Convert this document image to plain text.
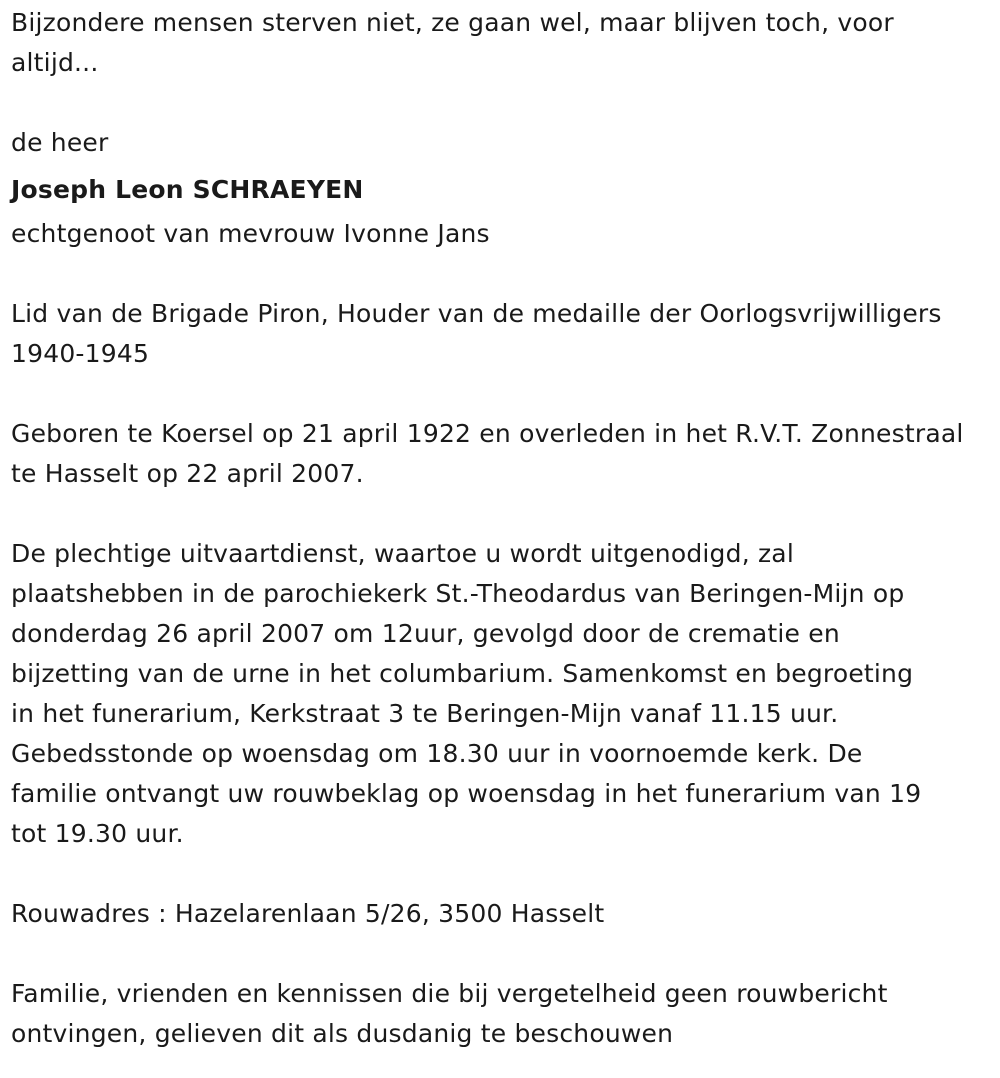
Bijzondere mensen sterven niet, ze gaan wel, maar blijven toch, voor
altijd...

de heer

Joseph Leon SCHRAEYEN

echtgenoot van mevrouw Ivonne Jans

Lid van de Brigade Piron, Houder van de medaille der Oorlogsvrijwilligers
1940-1945

Geboren te Koersel op 21 april 1922 en overleden in het R.V.T. Zonnestraal
te Hasselt op 22 april 2007.

De plechtige uitvaartdienst, waartoe u wordt uitgenodigd, zal
plaatshebben in de parochiekerk St.-Theodardus van Beringen-Mijn op
donderdag 26 april 2007 om 12uur, gevolgd door de crematie en
bijzetting van de urne in het columbarium. Samenkomst en begroeting
in het funerarium, Kerkstraat 3 te Beringen-Mijn vanaf 11.15 uur.
Gebedsstonde op woensdag om 18.30 uur in voornoemde kerk. De
familie ontvangt uw rouwbeklag op woensdag in het funerarium van 19
tot 19.30 uur.

Rouwadres : Hazelarenlaan 5/26, 3500 Hasselt

Familie, vrienden en kennissen die bij vergetelheid geen rouwbericht
ontvingen, gelieven dit als dusdanig te beschouwen
